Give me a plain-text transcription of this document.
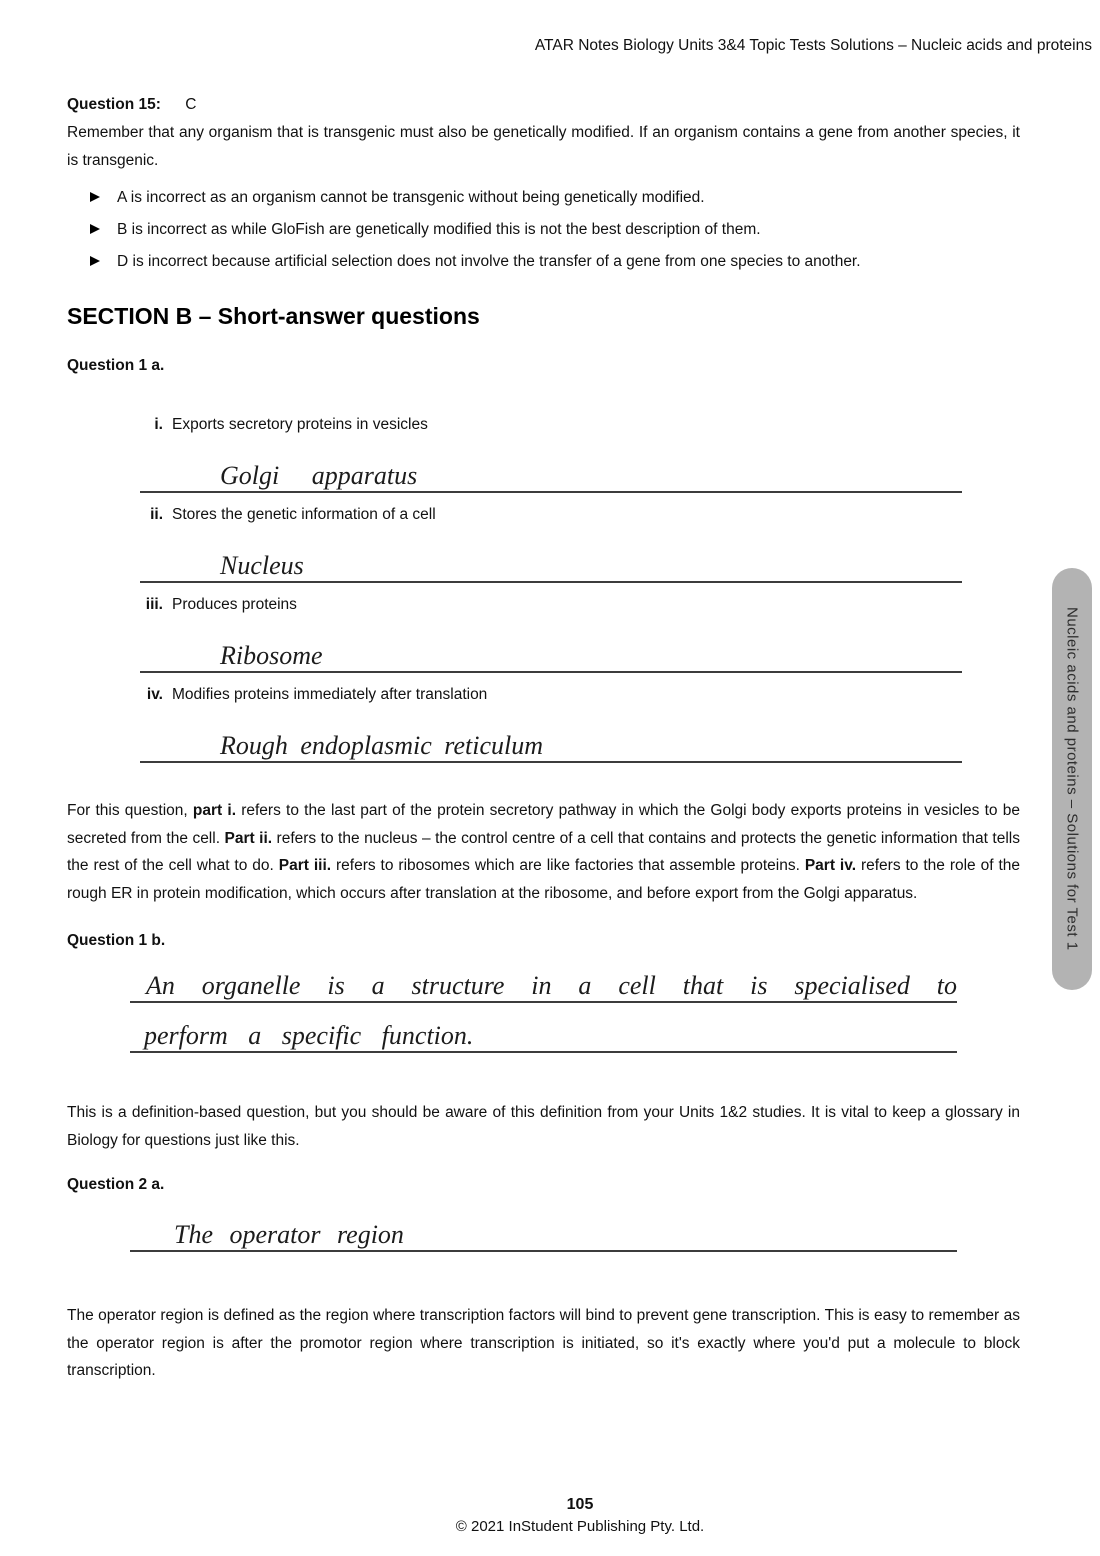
ATAR Notes Biology Units 3&4 Topic Tests Solutions – Nucleic acids and proteins
Question 15: C

Remember that any organism that is transgenic must also be genetically modified. If an organism contains a gene from another species, it is transgenic.

A is incorrect as an organism cannot be transgenic without being genetically modified.
B is incorrect as while GloFish are genetically modified this is not the best description of them.
D is incorrect because artificial selection does not involve the transfer of a gene from one species to another.
SECTION B – Short-answer questions
Question 1 a.
i. Exports secretory proteins in vesicles
Golgi apparatus
ii. Stores the genetic information of a cell
Nucleus
iii. Produces proteins
Ribosome
iv. Modifies proteins immediately after translation
Rough endoplasmic reticulum

For this question, part i. refers to the last part of the protein secretory pathway in which the Golgi body exports proteins in vesicles to be secreted from the cell. Part ii. refers to the nucleus – the control centre of a cell that contains and protects the genetic information that tells the rest of the cell what to do. Part iii. refers to ribosomes which are like factories that assemble proteins. Part iv. refers to the role of the rough ER in protein modification, which occurs after translation at the ribosome, and before export from the Golgi apparatus.

Question 1 b.
An organelle is a structure in a cell that is specialised to
perform a specific function.

This is a definition-based question, but you should be aware of this definition from your Units 1&2 studies. It is vital to keep a glossary in Biology for questions just like this.

Question 2 a.
The operator region

The operator region is defined as the region where transcription factors will bind to prevent gene transcription. This is easy to remember as the operator region is after the promotor region where transcription is initiated, so it's exactly where you'd put a molecule to block transcription.

Nucleic acids and proteins – Solutions for Test 1
105
© 2021 InStudent Publishing Pty. Ltd.
